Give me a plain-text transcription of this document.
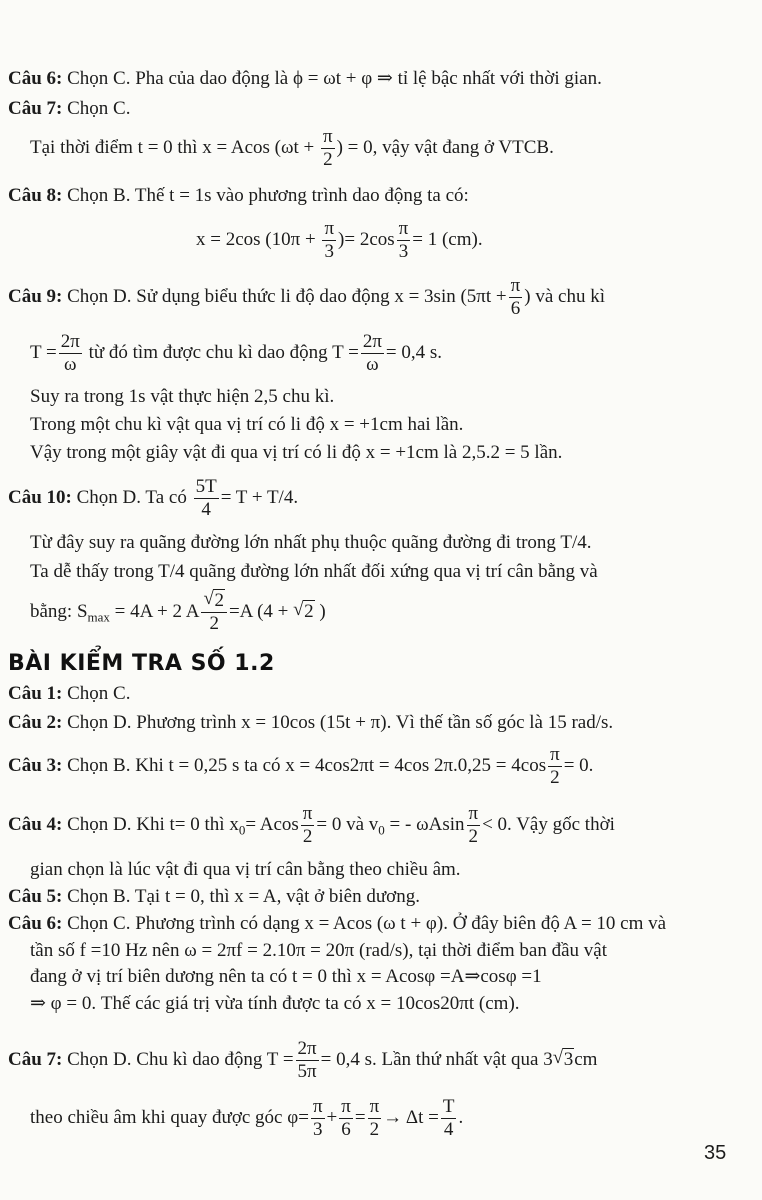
Câu 6: Chọn C. Pha của dao động là ϕ = ωt + φ ⇒ tỉ lệ bậc nhất với thời gian.
Câu 7: Chọn C.
Tại thời điểm t = 0 thì x = Acos ($\omega t + \frac{\pi}{2}$ ) = 0, vậy vật đang ở VTCB.
Câu 8: Chọn B. Thế t = 1s vào phương trình dao động ta có:
x = 2cos ($10\pi + \frac{\pi}{3}$ )= $2\cos \frac{\pi}{3} = 1$ (cm).
Câu 9: Chọn D. Sử dụng biểu thức li độ dao động x = 3sin ($5\pi t + \frac{\pi}{6}$ ) và chu kì
$T = \frac{2\pi}{\omega}$ từ đó tìm được chu kì dao động $T = \frac{2\pi}{\omega} = 0,4$ s.
Suy ra trong 1s vật thực hiện 2,5 chu kì.
Trong một chu kì vật qua vị trí có li độ x = +1cm hai lần.
Vậy trong một giây vật đi qua vị trí có li độ x = +1cm là 2,5.2 = 5 lần.
Câu 10: Chọn D. Ta có $\frac{5T}{4} = T + T/4$.
Từ đây suy ra quãng đường lớn nhất phụ thuộc quãng đường đi trong T/4.
Ta dễ thấy trong T/4 quãng đường lớn nhất đối xứng qua vị trí cân bằng và
bằng: $S_{max} = 4A + 2$ A $\frac{√ 2}{2} =A$ (4 + √ 2 )
BÀI KIỂM TRA SỐ 1.2
Câu 1: Chọn C.
Câu 2: Chọn D. Phương trình x = 10cos (15t + π). Vì thế tần số góc là 15 rad/s.
Câu 3: Chọn B. Khi t = 0,25 s ta có x = 4cos2πt = 4cos $2\pi.0,25 = 4\cos \frac{\pi}{2} = 0$.
Câu 4: Chọn D. Khi t= 0 thì $x_0= Acos \frac{\pi}{2} = 0$ và $v_0$ = - ωAsin $\frac{\pi}{2} < 0$. Vậy gốc thời
gian chọn là lúc vật đi qua vị trí cân bằng theo chiều âm.
Câu 5: Chọn B. Tại t = 0, thì x = A, vật ở biên dương.
Câu 6: Chọn C. Phương trình có dạng x = Acos (ω t + φ). Ở đây biên độ A = 10 cm và
tần số f =10 Hz nên ω = 2πf = 2.10π = 20π (rad/s), tại thời điểm ban đầu vật
đang ở vị trí biên dương nên ta có t = 0 thì x = Acosφ =A⇒cosφ =1
⇒ φ = 0. Thế các giá trị vừa tính được ta có x = 10cos20πt (cm).
Câu 7: Chọn D. Chu kì dao động $T = \frac{2\pi}{5\pi} = 0,4$ s. Lần thứ nhất vật qua 3 √ 3cm
theo chiều âm khi quay được góc $\varphi= \frac{\pi}{3} + \frac{\pi}{6} = \frac{\pi}{2} \to \Delta t = \frac{T}{4}$ .
35
